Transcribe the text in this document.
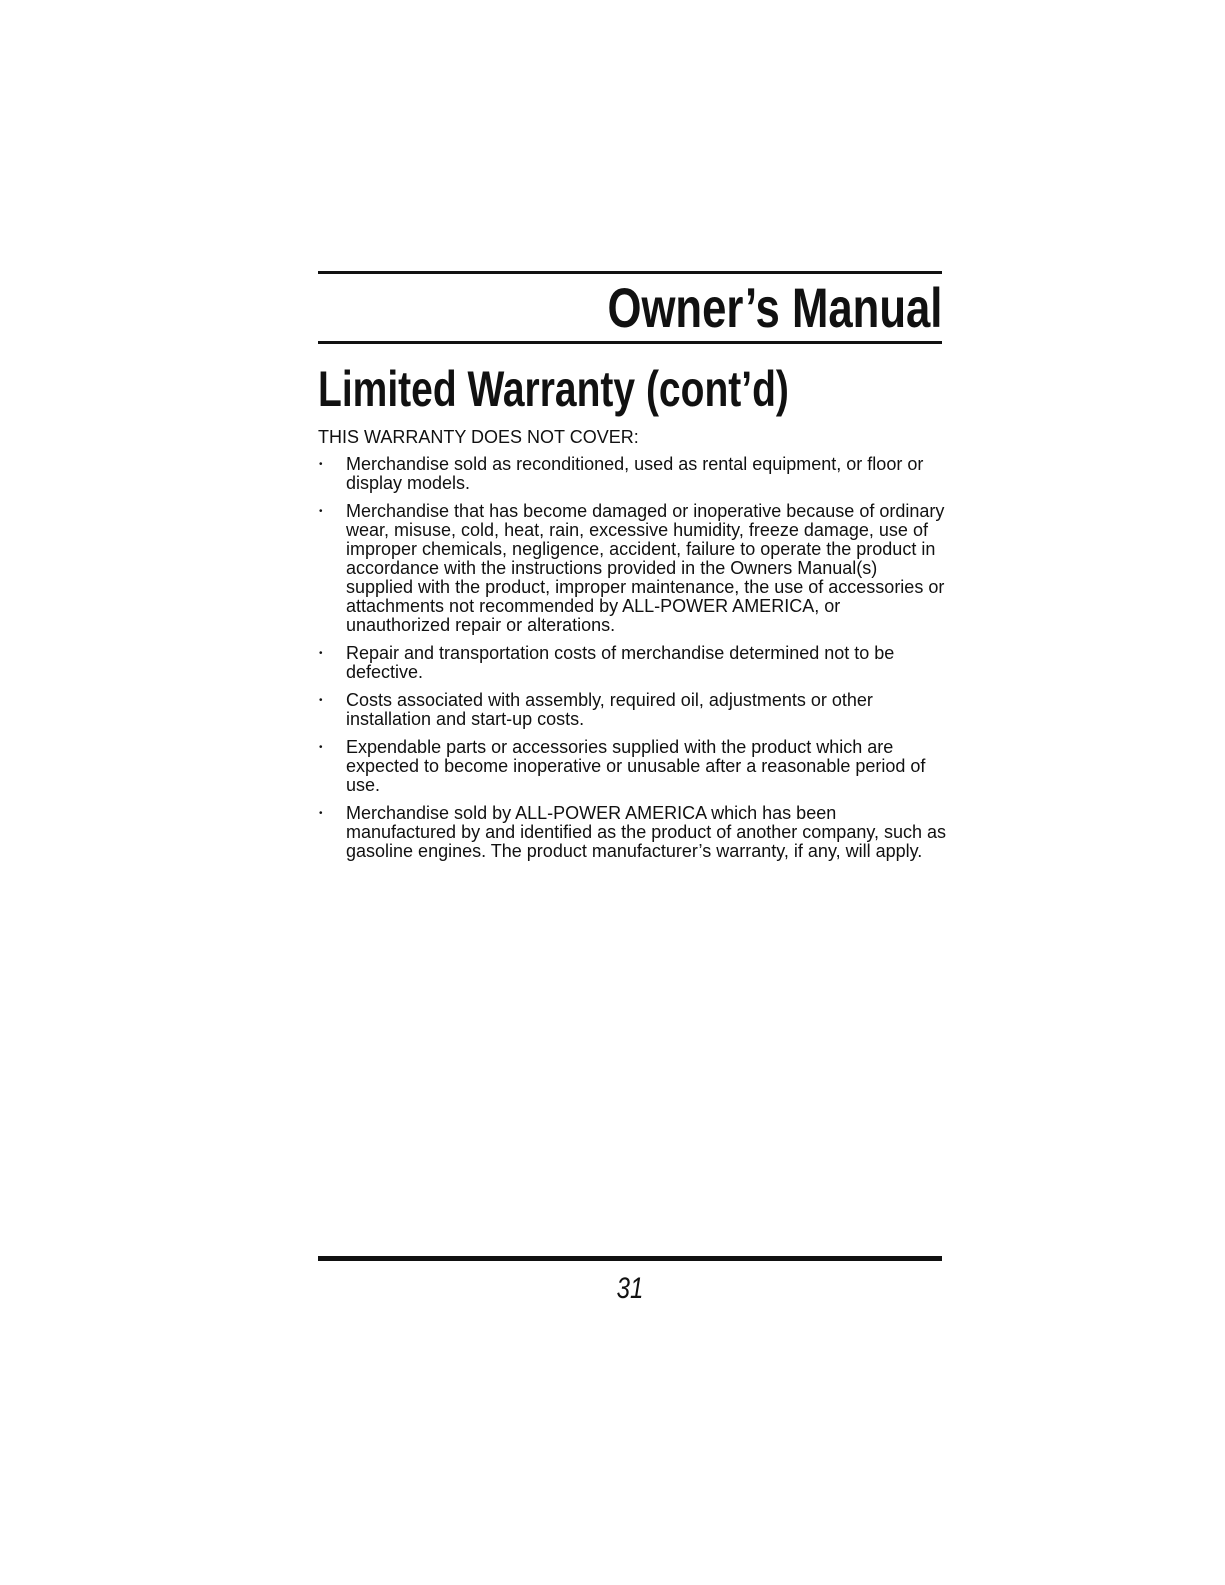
Owner’s Manual
Limited Warranty (cont’d)

THIS WARRANTY DOES NOT COVER:

• Merchandise sold as reconditioned, used as rental equipment, or floor or display models.
• Merchandise that has become damaged or inoperative because of ordinary wear, misuse, cold, heat, rain, excessive humidity, freeze damage, use of improper chemicals, negligence, accident, failure to operate the product in accordance with the instructions provided in the Owners Manual(s) supplied with the product, improper maintenance, the use of accessories or attachments not recommended by ALL-POWER AMERICA, or unauthorized repair or alterations.
• Repair and transportation costs of merchandise determined not to be defective.
• Costs associated with assembly, required oil, adjustments or other installation and start-up costs.
• Expendable parts or accessories supplied with the product which are expected to become inoperative or unusable after a reasonable period of use.
• Merchandise sold by ALL-POWER AMERICA which has been manufactured by and identified as the product of another company, such as gasoline engines. The product manufacturer’s warranty, if any, will apply.

31
